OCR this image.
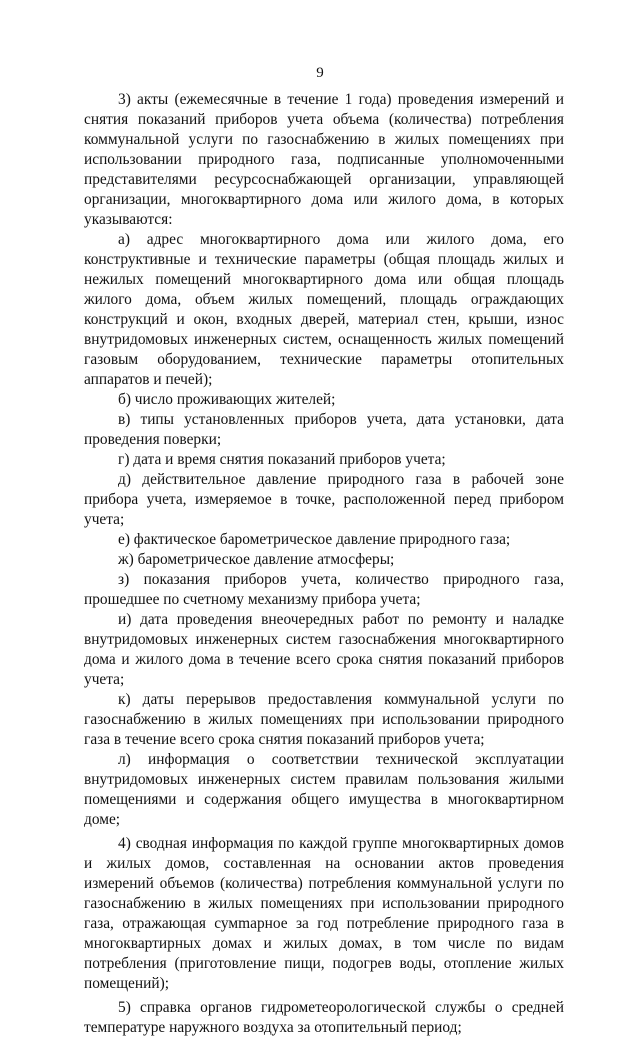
9

3) акты (ежемесячные в течение 1 года) проведения измерений и снятия показаний приборов учета объема (количества) потребления коммунальной услуги по газоснабжению в жилых помещениях при использовании природного газа, подписанные уполномоченными представителями ресурсоснабжающей организации, управляющей организации, многоквартирного дома или жилого дома, в которых указываются:

а) адрес многоквартирного дома или жилого дома, его конструктивные и технические параметры (общая площадь жилых и нежилых помещений многоквартирного дома или общая площадь жилого дома, объем жилых помещений, площадь ограждающих конструкций и окон, входных дверей, материал стен, крыши, износ внутридомовых инженерных систем, оснащенность жилых помещений газовым оборудованием, технические параметры отопительных аппаратов и печей);

б) число проживающих жителей;

в) типы установленных приборов учета, дата установки, дата проведения поверки;

г) дата и время снятия показаний приборов учета;

д) действительное давление природного газа в рабочей зоне прибора учета, измеряемое в точке, расположенной перед прибором учета;

е) фактическое барометрическое давление природного газа;

ж) барометрическое давление атмосферы;

з) показания приборов учета, количество природного газа, прошедшее по счетному механизму прибора учета;

и) дата проведения внеочередных работ по ремонту и наладке внутридомовых инженерных систем газоснабжения многоквартирного дома и жилого дома в течение всего срока снятия показаний приборов учета;

к) даты перерывов предоставления коммунальной услуги по газоснабжению в жилых помещениях при использовании природного газа в течение всего срока снятия показаний приборов учета;

л) информация о соответствии технической эксплуатации внутридомовых инженерных систем правилам пользования жилыми помещениями и содержания общего имущества в многоквартирном доме;

4) сводная информация по каждой группе многоквартирных домов и жилых домов, составленная на основании актов проведения измерений объемов (количества) потребления коммунальной услуги по газоснабжению в жилых помещениях при использовании природного газа, отражающая сумmарное за год потребление природного газа в многоквартирных домах и жилых домах, в том числе по видам потребления (приготовление пищи, подогрев воды, отопление жилых помещений);

5) справка органов гидрометеорологической службы о средней температуре наружного воздуха за отопительный период;
